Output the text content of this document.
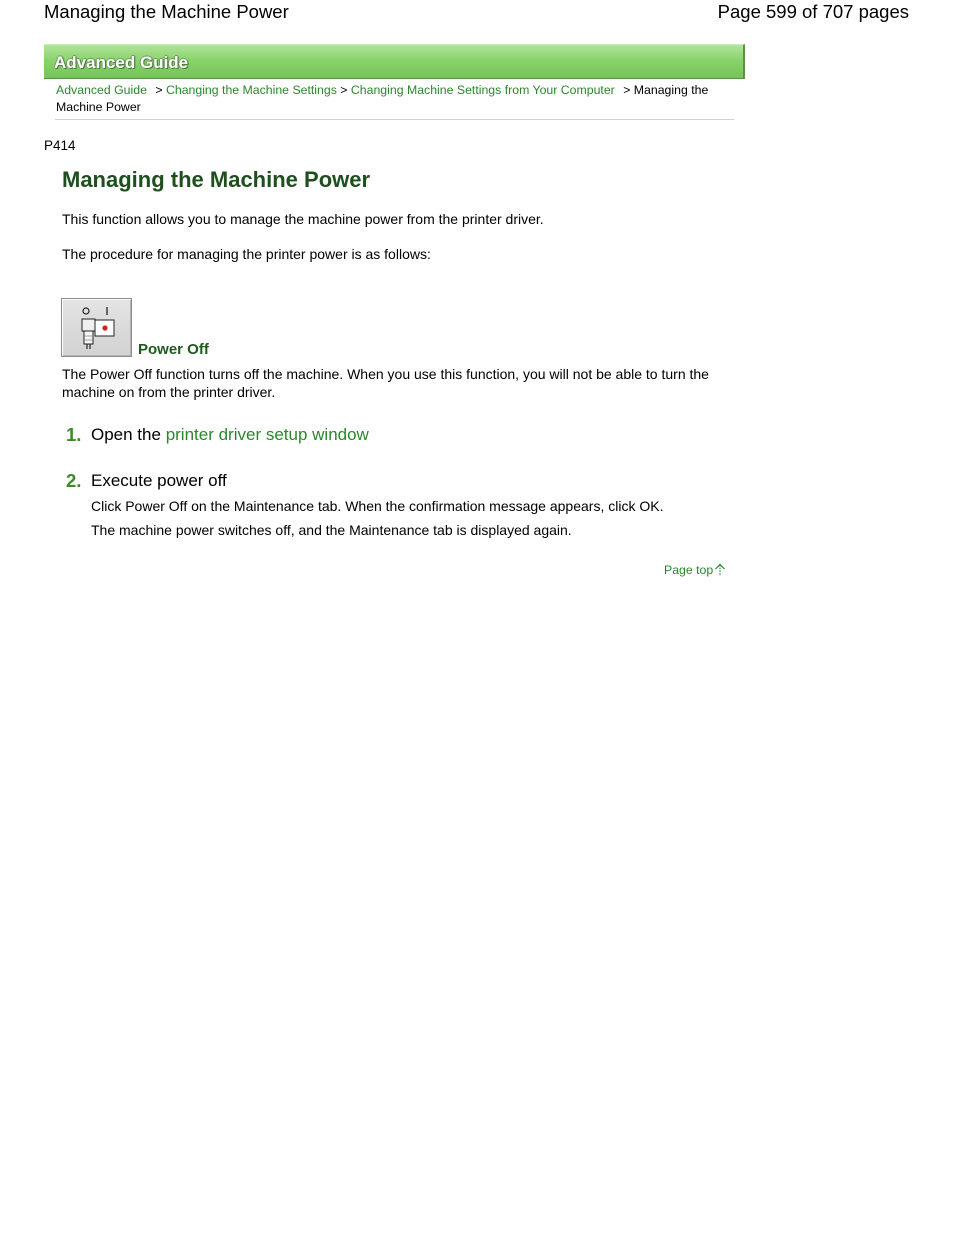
Managing the Machine Power	Page 599 of 707 pages
Advanced Guide
Advanced Guide > Changing the Machine Settings > Changing Machine Settings from Your Computer > Managing the Machine Power
P414
Managing the Machine Power

This function allows you to manage the machine power from the printer driver.

The procedure for managing the printer power is as follows:

Power Off

The Power Off function turns off the machine. When you use this function, you will not be able to turn the machine on from the printer driver.

1. Open the printer driver setup window
2. Execute power off

Click Power Off on the Maintenance tab. When the confirmation message appears, click OK.

The machine power switches off, and the Maintenance tab is displayed again.

Page top
